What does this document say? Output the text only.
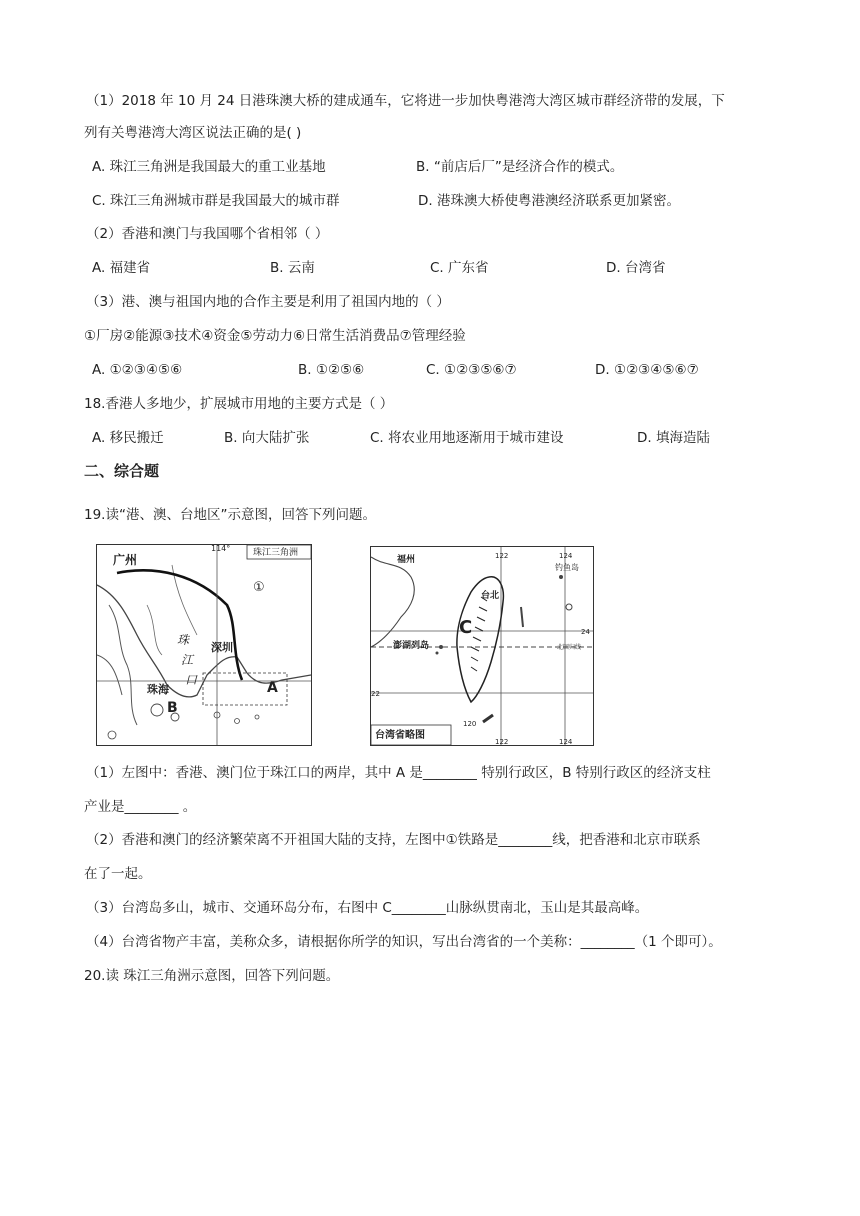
（1）2018 年 10 月 24 日港珠澳大桥的建成通车，它将进一步加快粤港湾大湾区城市群经济带的发展，下
列有关粤港湾大湾区说法正确的是( )
A. 珠江三角洲是我国最大的重工业基地	B. “前店后厂”是经济合作的模式。
C. 珠江三角洲城市群是我国最大的城市群	D. 港珠澳大桥使粤港澳经济联系更加紧密。
（2）香港和澳门与我国哪个省相邻（ ）
A. 福建省	B. 云南	C. 广东省	D. 台湾省
（3）港、澳与祖国内地的合作主要是利用了祖国内地的（ ）
①厂房②能源③技术④资金⑤劳动力⑥日常生活消费品⑦管理经验
A. ①②③④⑤⑥	B. ①②⑤⑥	C. ①②③⑤⑥⑦	D. ①②③④⑤⑥⑦
18.香港人多地少，扩展城市用地的主要方式是（ ）
A. 移民搬迁	B. 向大陆扩张	C. 将农业用地逐渐用于城市建设	D. 填海造陆
二、综合题
19.读“港、澳、台地区”示意图，回答下列问题。
珠江三角洲
114°
广州
①
珠
江
口
深圳
珠海	A
B
台湾省略图
福州
钓鱼岛
台北
澎湖列岛
C
122	124
24
22
120
122	124
北回归线
（1）左图中：香港、澳门位于珠江口的两岸，其中 A 是________ 特别行政区，B 特别行政区的经济支柱
产业是________ 。
（2）香港和澳门的经济繁荣离不开祖国大陆的支持，左图中①铁路是________线，把香港和北京市联系
在了一起。
（3）台湾岛多山，城市、交通环岛分布，右图中 C________山脉纵贯南北，玉山是其最高峰。
（4）台湾省物产丰富，美称众多，请根据你所学的知识，写出台湾省的一个美称：________（1 个即可）。
20.读 珠江三角洲示意图，回答下列问题。
